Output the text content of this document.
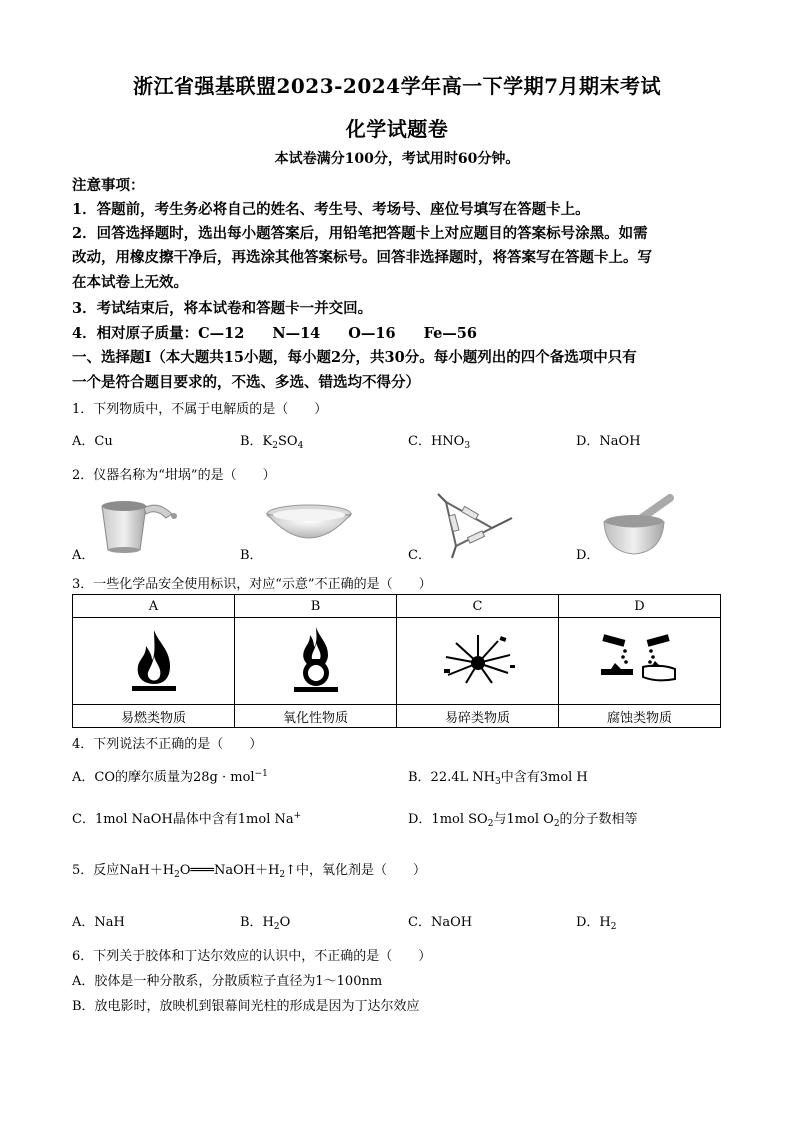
浙江省强基联盟2023-2024学年高一下学期7月期末考试
化学试题卷
本试卷满分100分，考试用时60分钟。
注意事项：
1．答题前，考生务必将自己的姓名、考生号、考场号、座位号填写在答题卡上。
2．回答选择题时，选出每小题答案后，用铅笔把答题卡上对应题目的答案标号涂黑。如需
改动，用橡皮擦干净后，再选涂其他答案标号。回答非选择题时，将答案写在答题卡上。写
在本试卷上无效。
3．考试结束后，将本试卷和答题卡一并交回。
4．相对原子质量：C—12 N—14 O—16 Fe—56
一、选择题Ⅰ（本大题共15小题，每小题2分，共30分。每小题列出的四个备选项中只有
一个是符合题目要求的，不选、多选、错选均不得分）
1．下列物质中，不属于电解质的是（　　）
A．Cu	B．$K_2SO_4$	C．$HNO_3$	D．NaOH
2．仪器名称为“坩埚”的是（　　）
A．	B．	C．	D．
3．一些化学品安全使用标识，对应“示意”不正确的是（　　）
A	B	C	D

易燃类物质	氧化性物质	易碎类物质	腐蚀类物质
4．下列说法不正确的是（　　）
A．CO的摩尔质量为28g · mol$^{-1}$	B．22.4L $NH_3$中含有3mol H
C．1mol NaOH晶体中含有1mol Na+	D．1mol $SO_2$与1mol $O_2$的分子数相等
5．反应$NaH+H_2O═══NaOH+H_2↑$中，氧化剂是（　　）
A．NaH	B．$H_2O$	C．NaOH	D．$H_2$
6．下列关于胶体和丁达尔效应的认识中，不正确的是（　　）
A．胶体是一种分散系，分散质粒子直径为1～100nm
B．放电影时，放映机到银幕间光柱的形成是因为丁达尔效应
